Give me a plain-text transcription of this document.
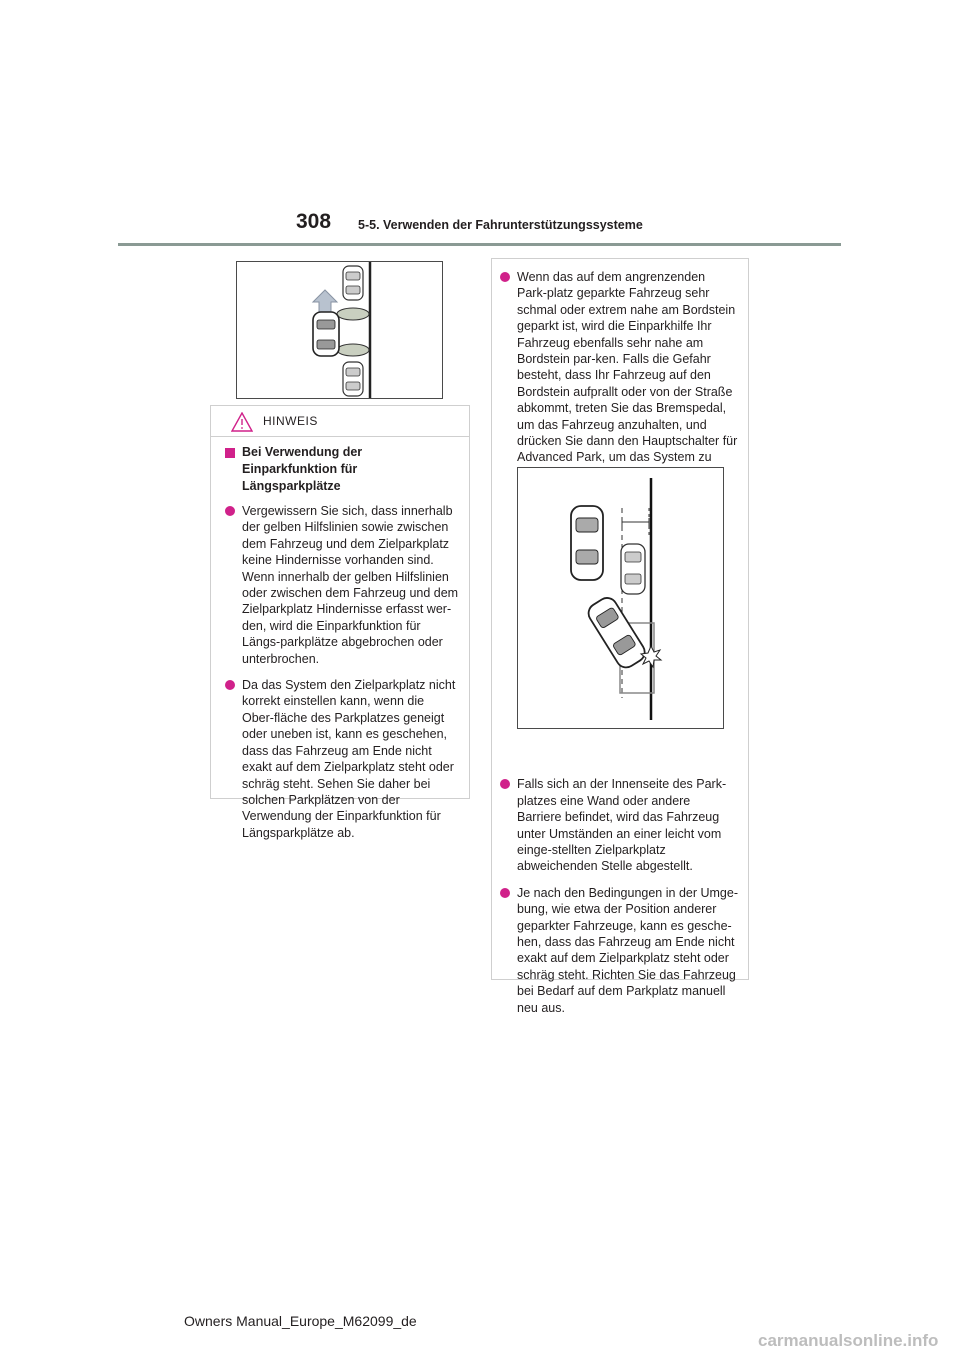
308 5-5. Verwenden der Fahrunterstützungssysteme
HINWEIS
Bei Verwendung der Einparkfunktion für Längsparkplätze
Vergewissern Sie sich, dass innerhalb der gelben Hilfslinien sowie zwischen dem Fahrzeug und dem Zielparkplatz keine Hindernisse vorhanden sind. Wenn innerhalb der gelben Hilfslinien oder zwischen dem Fahrzeug und dem Zielparkplatz Hindernisse erfasst wer-den, wird die Einparkfunktion für Längs-parkplätze abgebrochen oder unterbrochen.
Da das System den Zielparkplatz nicht korrekt einstellen kann, wenn die Ober-fläche des Parkplatzes geneigt oder uneben ist, kann es geschehen, dass das Fahrzeug am Ende nicht exakt auf dem Zielparkplatz steht oder schräg steht. Sehen Sie daher bei solchen Parkplätzen von der Verwendung der Einparkfunktion für Längsparkplätze ab.
Wenn das auf dem angrenzenden Park-platz geparkte Fahrzeug sehr schmal oder extrem nahe am Bordstein geparkt ist, wird die Einparkhilfe Ihr Fahrzeug ebenfalls sehr nahe am Bordstein par-ken. Falls die Gefahr besteht, dass Ihr Fahrzeug auf den Bordstein aufprallt oder von der Straße abkommt, treten Sie das Bremspedal, um das Fahrzeug anzuhalten, und drücken Sie dann den Hauptschalter für Advanced Park, um das System zu
Falls sich an der Innenseite des Park-platzes eine Wand oder andere Barriere befindet, wird das Fahrzeug unter Umständen an einer leicht vom einge-stellten Zielparkplatz abweichenden Stelle abgestellt.
Je nach den Bedingungen in der Umge-bung, wie etwa der Position anderer geparkter Fahrzeuge, kann es gesche-hen, dass das Fahrzeug am Ende nicht exakt auf dem Zielparkplatz steht oder schräg steht. Richten Sie das Fahrzeug bei Bedarf auf dem Parkplatz manuell neu aus.
Owners Manual_Europe_M62099_de
carmanualsonline.info
